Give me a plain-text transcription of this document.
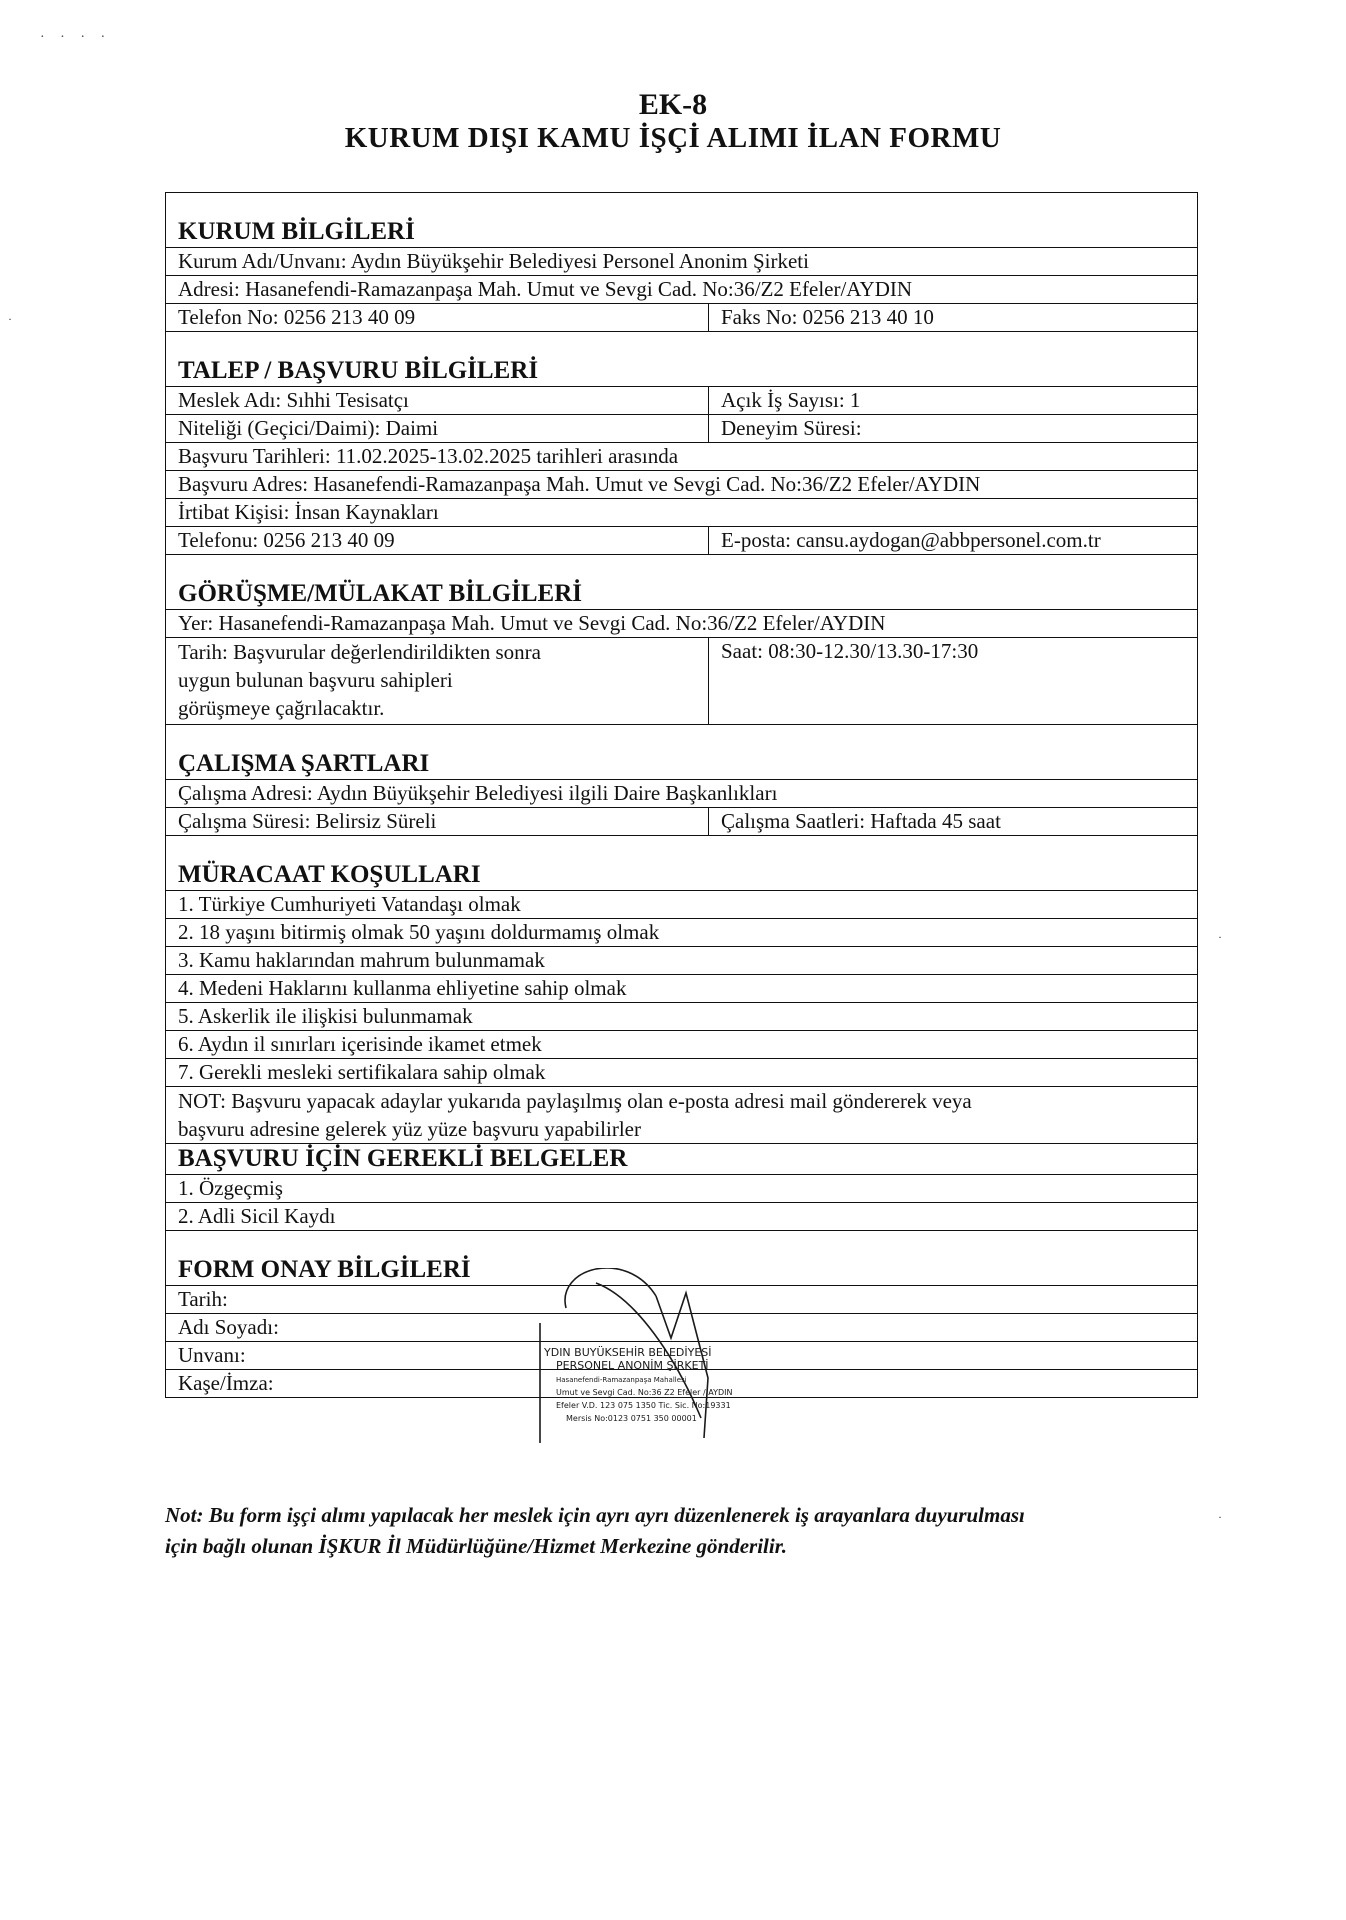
· · · ·
·
·
·
EK-8
KURUM DIŞI KAMU İŞÇİ ALIMI İLAN FORMU
KURUM BİLGİLERİ
Kurum Adı/Unvanı: Aydın Büyükşehir Belediyesi Personel Anonim Şirketi
Adresi: Hasanefendi-Ramazanpaşa Mah. Umut ve Sevgi Cad. No:36/Z2 Efeler/AYDIN
Telefon No: 0256 213 40 09	Faks No: 0256 213 40 10
TALEP / BAŞVURU BİLGİLERİ
Meslek Adı: Sıhhi Tesisatçı	Açık İş Sayısı: 1
Niteliği (Geçici/Daimi): Daimi	Deneyim Süresi:
Başvuru Tarihleri: 11.02.2025-13.02.2025 tarihleri arasında
Başvuru Adres: Hasanefendi-Ramazanpaşa Mah. Umut ve Sevgi Cad. No:36/Z2 Efeler/AYDIN
İrtibat Kişisi: İnsan Kaynakları
Telefonu: 0256 213 40 09	E-posta: cansu.aydogan@abbpersonel.com.tr
GÖRÜŞME/MÜLAKAT BİLGİLERİ
Yer: Hasanefendi-Ramazanpaşa Mah. Umut ve Sevgi Cad. No:36/Z2 Efeler/AYDIN
Tarih: Başvurular değerlendirildikten sonra
uygun bulunan başvuru sahipleri
görüşmeye çağrılacaktır.
Saat: 08:30-12.30/13.30-17:30
ÇALIŞMA ŞARTLARI
Çalışma Adresi: Aydın Büyükşehir Belediyesi ilgili Daire Başkanlıkları
Çalışma Süresi: Belirsiz Süreli	Çalışma Saatleri: Haftada 45 saat
MÜRACAAT KOŞULLARI
1. Türkiye Cumhuriyeti Vatandaşı olmak
2. 18 yaşını bitirmiş olmak 50 yaşını doldurmamış olmak
3. Kamu haklarından mahrum bulunmamak
4. Medeni Haklarını kullanma ehliyetine sahip olmak
5. Askerlik ile ilişkisi bulunmamak
6. Aydın il sınırları içerisinde ikamet etmek
7. Gerekli mesleki sertifikalara sahip olmak
NOT: Başvuru yapacak adaylar yukarıda paylaşılmış olan e-posta adresi mail göndererek veya
başvuru adresine gelerek yüz yüze başvuru yapabilirler
BAŞVURU İÇİN GEREKLİ BELGELER
1. Özgeçmiş
2. Adli Sicil Kaydı
FORM ONAY BİLGİLERİ
Tarih:
Adı Soyadı:
Unvanı:
Kaşe/İmza:
YDIN BUYÜKSEHİR BELEDİYESİ
PERSONEL ANONİM ŞİRKETİ
Hasanefendi-Ramazanpaşa Mahallesi
Umut ve Sevgi Cad. No:36 Z2 Efeler / AYDIN
Efeler V.D. 123 075 1350 Tic. Sic. No:19331
Mersis No:0123 0751 350 00001
Not: Bu form işçi alımı yapılacak her meslek için ayrı ayrı düzenlenerek iş arayanlara duyurulması
için bağlı olunan İŞKUR İl Müdürlüğüne/Hizmet Merkezine gönderilir.
